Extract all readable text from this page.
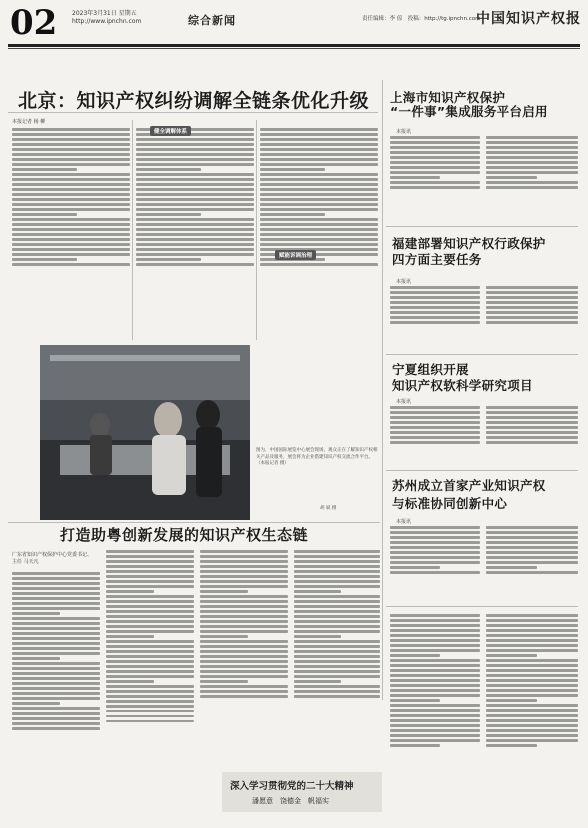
02 2023年3月31日 星期五
http://www.ipnchn.com	综合新闻	责任编辑：李 倞　投稿：http://tg.ipnchn.com
中国知识产权报
北京：知识产权纠纷调解全链条优化升级
本报记者 杨 柳
健全调解体系
赋能诉调治理
图为，中国国际展览中心展会现场，观众正在了解知识产权相关产品及服务，展会将为企业搭建知识产权交流合作平台。（本报记者 摄）
胡 斌 摄
上海市知识产权保护
“一件事”集成服务平台启用
本报讯
福建部署知识产权行政保护
四方面主要任务
本报讯
宁夏组织开展
知识产权软科学研究项目
本报讯
苏州成立首家产业知识产权
与标准协同创新中心
本报讯
打造助粤创新发展的知识产权生态链
广东省知识产权保护中心党委书记、主任 马天凡
深入学习贯彻党的二十大精神
潘愿意　饶德金　帆福实
